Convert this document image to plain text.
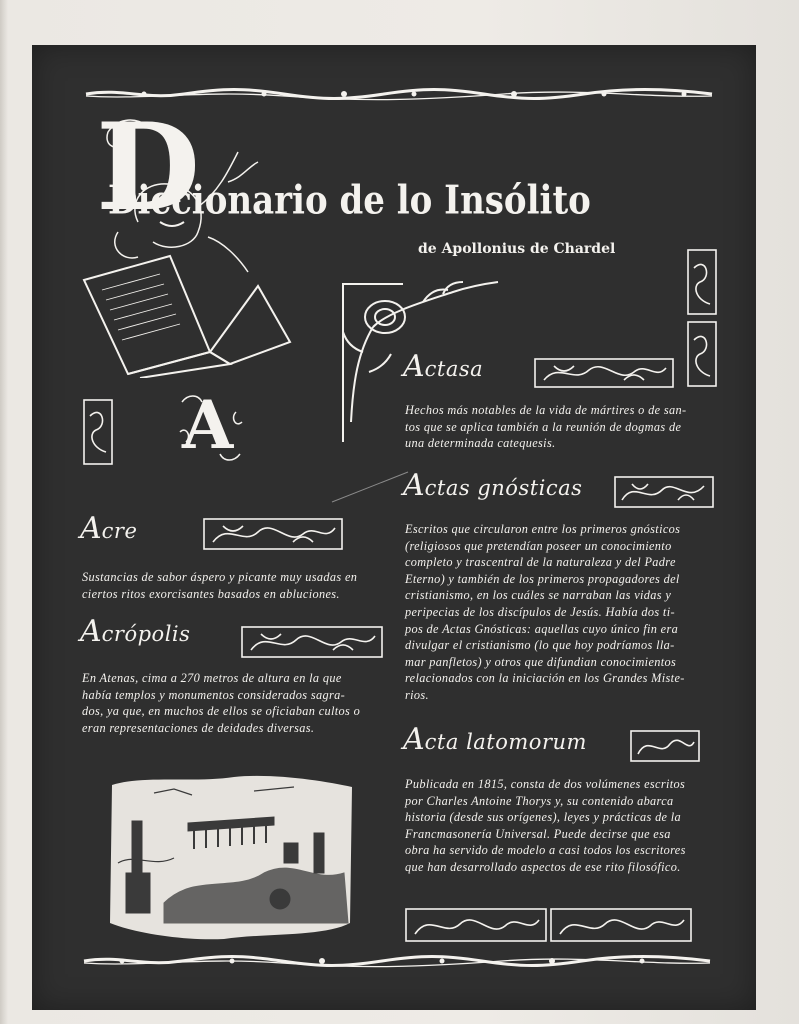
D
Diccionario de lo Insólito
de Apollonius de Chardel
A
Actasa
Hechos más notables de la vida de mártires o de san-
tos que se aplica también a la reunión de dogmas de
una determinada catequesis.
Actas gnósticas
Escritos que circularon entre los primeros gnósticos
(religiosos que pretendían poseer un conocimiento
completo y trascentral de la naturaleza y del Padre
Eterno) y también de los primeros propagadores del
cristianismo, en los cuáles se narraban las vidas y
peripecias de los discípulos de Jesús. Había dos ti-
pos de Actas Gnósticas: aquellas cuyo único fin era
divulgar el cristianismo (lo que hoy podríamos lla-
mar panfletos) y otros que difundian conocimientos
relacionados con la iniciación en los Grandes Miste-
rios.
Acta latomorum
Publicada en 1815, consta de dos volúmenes escritos
por Charles Antoine Thorys y, su contenido abarca
historia (desde sus orígenes), leyes y prácticas de la
Francmasonería Universal. Puede decirse que esa
obra ha servido de modelo a casi todos los escritores
que han desarrollado aspectos de ese rito filosófico.
Acre
Sustancias de sabor áspero y picante muy usadas en
ciertos ritos exorcisantes basados en abluciones.
Acrópolis
En Atenas, cima a 270 metros de altura en la que
había templos y monumentos considerados sagra-
dos, ya que, en muchos de ellos se oficiaban cultos o
eran representaciones de deidades diversas.
